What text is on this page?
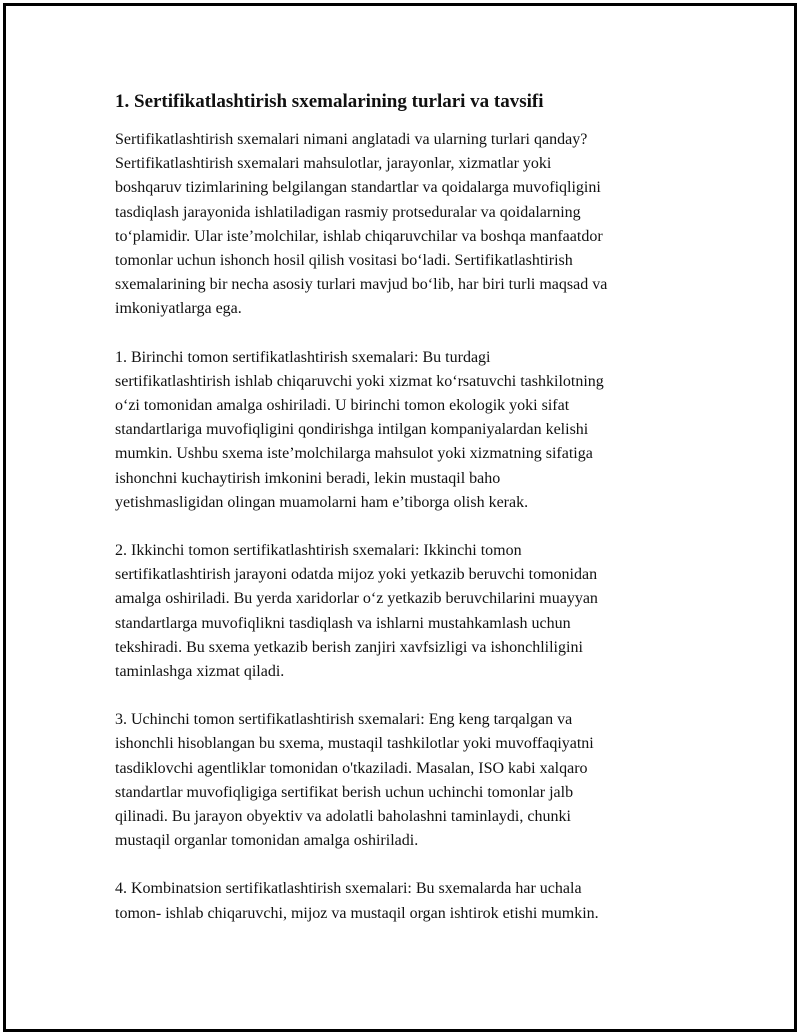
1. Sertifikatlashtirish sxemalarining turlari va tavsifi

Sertifikatlashtirish sxemalari nimani anglatadi va ularning turlari qanday?
Sertifikatlashtirish sxemalari mahsulotlar, jarayonlar, xizmatlar yoki
boshqaruv tizimlarining belgilangan standartlar va qoidalarga muvofiqligini
tasdiqlash jarayonida ishlatiladigan rasmiy protseduralar va qoidalarning
to‘plamidir. Ular iste’molchilar, ishlab chiqaruvchilar va boshqa manfaatdor
tomonlar uchun ishonch hosil qilish vositasi bo‘ladi. Sertifikatlashtirish
sxemalarining bir necha asosiy turlari mavjud bo‘lib, har biri turli maqsad va
imkoniyatlarga ega.

1. Birinchi tomon sertifikatlashtirish sxemalari: Bu turdagi
sertifikatlashtirish ishlab chiqaruvchi yoki xizmat ko‘rsatuvchi tashkilotning
o‘zi tomonidan amalga oshiriladi. U birinchi tomon ekologik yoki sifat
standartlariga muvofiqligini qondirishga intilgan kompaniyalardan kelishi
mumkin. Ushbu sxema iste’molchilarga mahsulot yoki xizmatning sifatiga
ishonchni kuchaytirish imkonini beradi, lekin mustaqil baho
yetishmasligidan olingan muamolarni ham e’tiborga olish kerak.

2. Ikkinchi tomon sertifikatlashtirish sxemalari: Ikkinchi tomon
sertifikatlashtirish jarayoni odatda mijoz yoki yetkazib beruvchi tomonidan
amalga oshiriladi. Bu yerda xaridorlar o‘z yetkazib beruvchilarini muayyan
standartlarga muvofiqlikni tasdiqlash va ishlarni mustahkamlash uchun
tekshiradi. Bu sxema yetkazib berish zanjiri xavfsizligi va ishonchliligini
taminlashga xizmat qiladi.

3. Uchinchi tomon sertifikatlashtirish sxemalari: Eng keng tarqalgan va
ishonchli hisoblangan bu sxema, mustaqil tashkilotlar yoki muvoffaqiyatni
tasdiklovchi agentliklar tomonidan o'tkaziladi. Masalan, ISO kabi xalqaro
standartlar muvofiqligiga sertifikat berish uchun uchinchi tomonlar jalb
qilinadi. Bu jarayon obyektiv va adolatli baholashni taminlaydi, chunki
mustaqil organlar tomonidan amalga oshiriladi.

4. Kombinatsion sertifikatlashtirish sxemalari: Bu sxemalarda har uchala
tomon- ishlab chiqaruvchi, mijoz va mustaqil organ ishtirok etishi mumkin.
